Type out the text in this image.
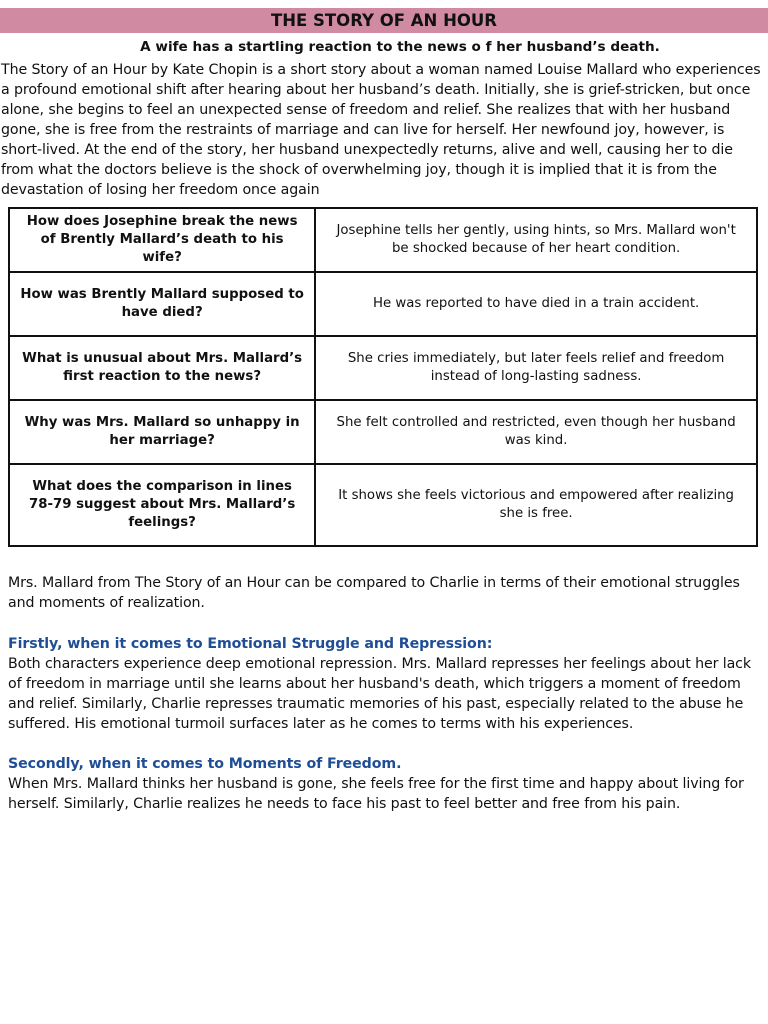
THE STORY OF AN HOUR
A wife has a startling reaction to the news o f her husband’s death.
The Story of an Hour by Kate Chopin is a short story about a woman named Louise Mallard who experiences a profound emotional shift after hearing about her husband’s death. Initially, she is grief-stricken, but once alone, she begins to feel an unexpected sense of freedom and relief. She realizes that with her husband gone, she is free from the restraints of marriage and can live for herself. Her newfound joy, however, is short-lived. At the end of the story, her husband unexpectedly returns, alive and well, causing her to die from what the doctors believe is the shock of overwhelming joy, though it is implied that it is from the devastation of losing her freedom once again
How does Josephine break the news of Brently Mallard’s death to his wife?	Josephine tells her gently, using hints, so Mrs. Mallard won't be shocked because of her heart condition.
How was Brently Mallard supposed to have died?	He was reported to have died in a train accident.
What is unusual about Mrs. Mallard’s first reaction to the news?	She cries immediately, but later feels relief and freedom instead of long-lasting sadness.
Why was Mrs. Mallard so unhappy in her marriage?	She felt controlled and restricted, even though her husband was kind.
What does the comparison in lines 78-79 suggest about Mrs. Mallard’s feelings?	It shows she feels victorious and empowered after realizing she is free.
Mrs. Mallard from The Story of an Hour can be compared to Charlie in terms of their emotional struggles and moments of realization.
Firstly, when it comes to Emotional Struggle and Repression:
Both characters experience deep emotional repression. Mrs. Mallard represses her feelings about her lack of freedom in marriage until she learns about her husband's death, which triggers a moment of freedom and relief. Similarly, Charlie represses traumatic memories of his past, especially related to the abuse he suffered. His emotional turmoil surfaces later as he comes to terms with his experiences.
Secondly, when it comes to Moments of Freedom.
When Mrs. Mallard thinks her husband is gone, she feels free for the first time and happy about living for herself. Similarly, Charlie realizes he needs to face his past to feel better and free from his pain.
